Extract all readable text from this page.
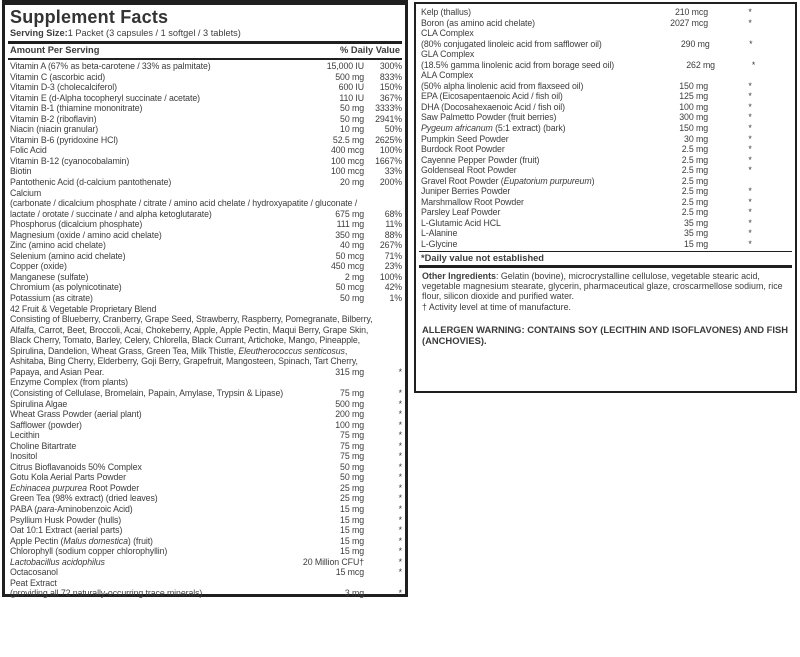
Supplement Facts
Serving Size:1 Packet (3 capsules / 1 softgel / 3 tablets)
Amount Per Serving	% Daily Value
Vitamin A (67% as beta-carotene / 33% as palmitate)	15,000 IU	300%
Vitamin C (ascorbic acid)	500 mg	833%
Vitamin D-3 (cholecalciferol)	600 IU	150%
Vitamin E (d-Alpha tocopheryl succinate / acetate)	110 IU	367%
Vitamin B-1 (thiamine mononitrate)	50 mg	3333%
Vitamin B-2 (riboflavin)	50 mg	2941%
Niacin (niacin granular)	10 mg	50%
Vitamin B-6 (pyridoxine HCl)	52.5 mg	2625%
Folic Acid	400 mcg	100%
Vitamin B-12 (cyanocobalamin)	100 mcg	1667%
Biotin	100 mcg	33%
Pantothenic Acid (d-calcium pantothenate)	20 mg	200%
Calcium
(carbonate / dicalcium phosphate / citrate / amino acid chelate / hydroxyapatite / gluconate /
lactate / orotate / succinate / and alpha ketoglutarate)	675 mg	68%
Phosphorus (dicalcium phosphate)	111 mg	11%
Magnesium (oxide / amino acid chelate)	350 mg	88%
Zinc (amino acid chelate)	40 mg	267%
Selenium (amino acid chelate)	50 mcg	71%
Copper (oxide)	450 mcg	23%
Manganese (sulfate)	2 mg	100%
Chromium (as polynicotinate)	50 mcg	42%
Potassium (as citrate)	50 mg	1%
42 Fruit & Vegetable Proprietary Blend
Consisting of Blueberry, Cranberry, Grape Seed, Strawberry, Raspberry, Pomegranate, Bilberry,
Alfalfa, Carrot, Beet, Broccoli, Acai, Chokeberry, Apple, Apple Pectin, Maqui Berry, Grape Skin,
Black Cherry, Tomato, Barley, Celery, Chlorella, Black Currant, Artichoke, Mango, Pineapple,
Spirulina, Dandelion, Wheat Grass, Green Tea, Milk Thistle, Eleutherococcus senticosus,
Ashitaba, Bing Cherry, Elderberry, Goji Berry, Grapefruit, Mangosteen, Spinach, Tart Cherry,
Papaya, and Asian Pear.	315 mg	*
Enzyme Complex (from plants)
(Consisting of Cellulase, Bromelain, Papain, Amylase, Trypsin & Lipase)	75 mg	*
Spirulina Algae	500 mg	*
Wheat Grass Powder (aerial plant)	200 mg	*
Safflower (powder)	100 mg	*
Lecithin	75 mg	*
Choline Bitartrate	75 mg	*
Inositol	75 mg	*
Citrus Bioflavanoids 50% Complex	50 mg	*
Gotu Kola Aerial Parts Powder	50 mg	*
Echinacea purpurea Root Powder	25 mg	*
Green Tea (98% extract) (dried leaves)	25 mg	*
PABA (para-Aminobenzoic Acid)	15 mg	*
Psyllium Husk Powder (hulls)	15 mg	*
Oat 10:1 Extract (aerial parts)	15 mg	*
Apple Pectin (Malus domestica) (fruit)	15 mg	*
Chlorophyll (sodium copper chlorophyllin)	15 mg	*
Lactobacillus acidophilus	20 Million CFU†	*
Octacosanol	15 mcg	*
Peat Extract
(providing all 72 naturally-occurring trace minerals)	3 mg	*
Kelp (thallus)	210 mcg	*
Boron (as amino acid chelate)	2027 mcg	*
CLA Complex
(80% conjugated linoleic acid from safflower oil)	290 mg	*
GLA Complex
(18.5% gamma linolenic acid from borage seed oil)	262 mg	*
ALA Complex
(50% alpha linolenic acid from flaxseed oil)	150 mg	*
EPA (Eicosapentaenoic Acid / fish oil)	125 mg	*
DHA (Docosahexaenoic Acid / fish oil)	100 mg	*
Saw Palmetto Powder (fruit berries)	300 mg	*
Pygeum africanum (5:1 extract) (bark)	150 mg	*
Pumpkin Seed Powder	30 mg	*
Burdock Root Powder	2.5 mg	*
Cayenne Pepper Powder (fruit)	2.5 mg	*
Goldenseal Root Powder	2.5 mg	*
Gravel Root Powder (Eupatorium purpureum)	2.5 mg
Juniper Berries Powder	2.5 mg	*
Marshmallow Root Powder	2.5 mg	*
Parsley Leaf Powder	2.5 mg	*
L-Glutamic Acid HCL	35 mg	*
L-Alanine	35 mg	*
L-Glycine	15 mg	*
*Daily value not established

Other Ingredients: Gelatin (bovine), microcrystalline cellulose, vegetable stearic acid, vegetable magnesium stearate, glycerin, pharmaceutical glaze, croscarmellose sodium, rice flour, silicon dioxide and purified water.

† Activity level at time of manufacture.

ALLERGEN WARNING: CONTAINS SOY (LECITHIN AND ISOFLAVONES) AND FISH (ANCHOVIES).
